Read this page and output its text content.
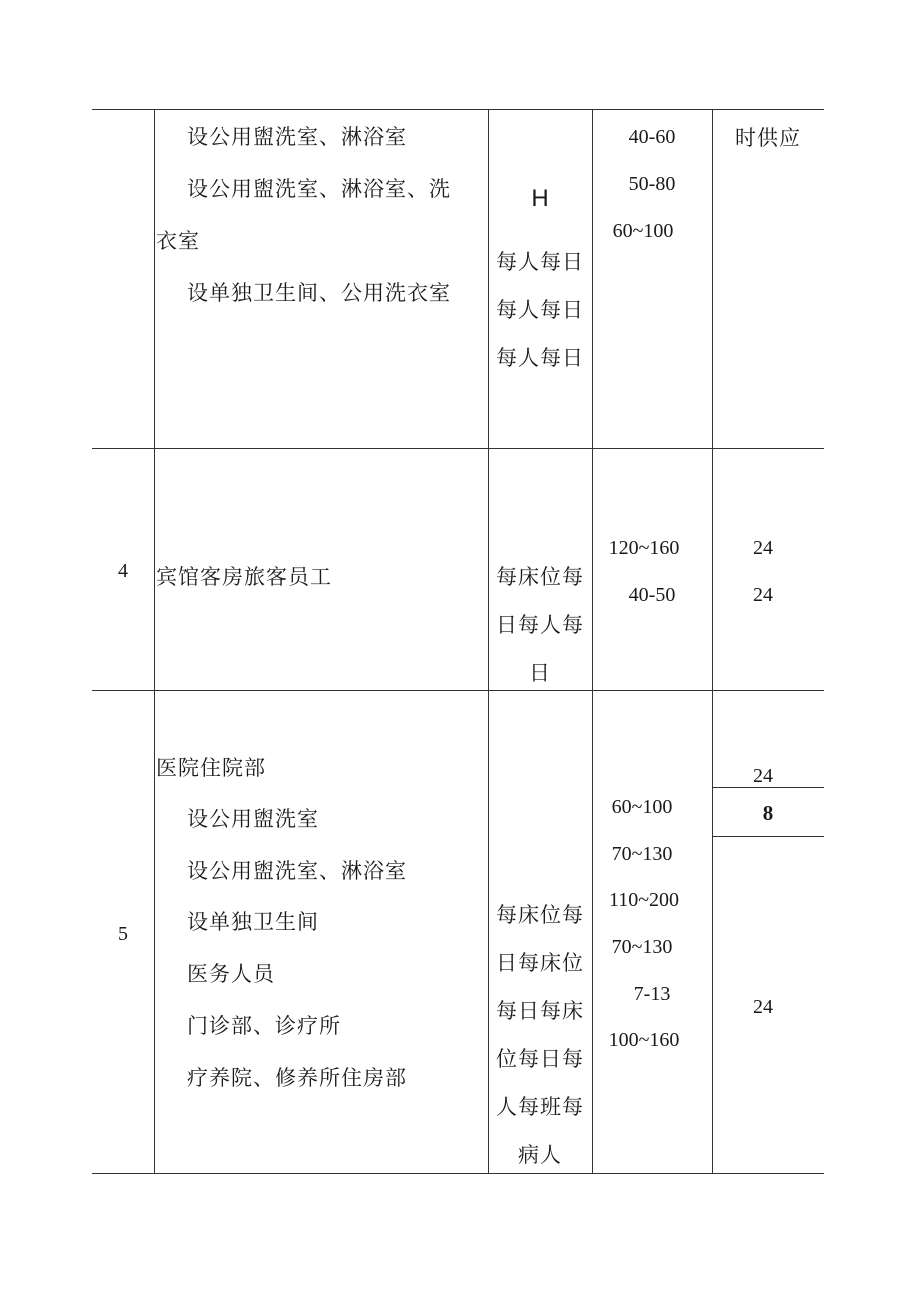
设公用盥洗室、淋浴室
设公用盥洗室、淋浴室、洗
衣室
设单独卫生间、公用洗衣室
H
每人每日
每人每日
每人每日
40-60
50-80
60~100
时供应
4	宾馆客房旅客员工	每床位每
日每人每
日
120~160
40-50
24
24
5
医院住院部
设公用盥洗室
设公用盥洗室、淋浴室
设单独卫生间
医务人员
门诊部、诊疗所
疗养院、修养所住房部
每床位每
日每床位
每日每床
位每日每
人每班每
病人
60~100
70~130
110~200
70~130
7-13
100~160
24
8
24
